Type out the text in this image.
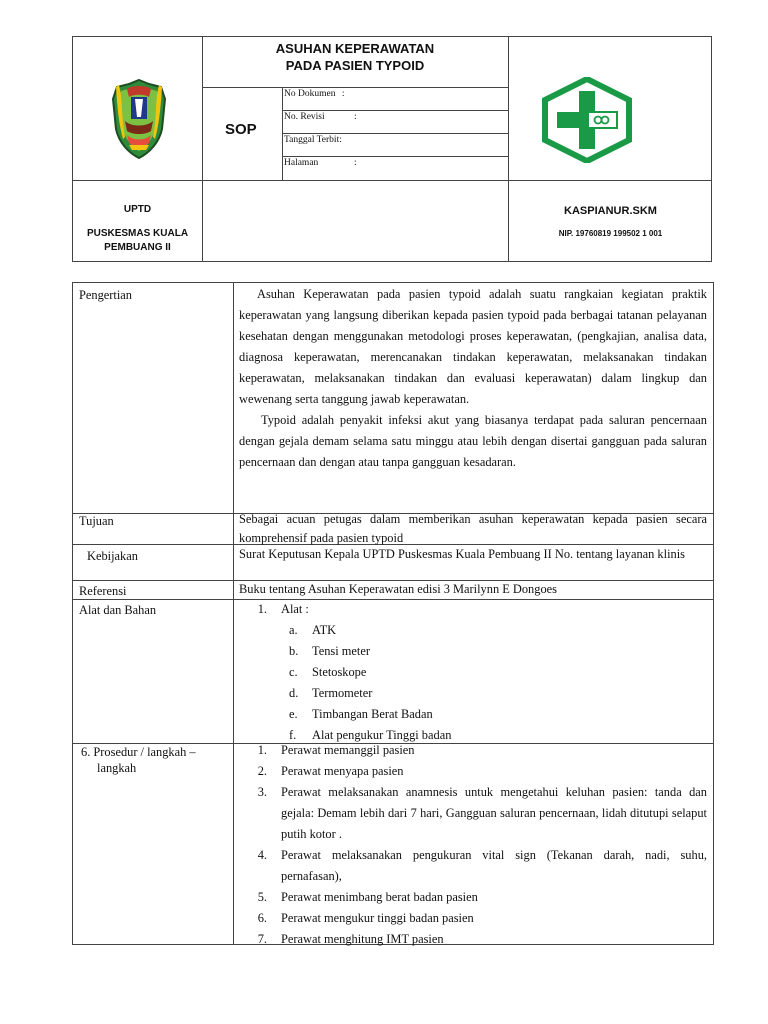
ASUHAN KEPERAWATAN
PADA PASIEN TYPOID
SOP
No Dokumen :
No. Revisi	:
Tanggal Terbit:
Halaman	:
UPTD
PUSKESMAS KUALA
PEMBUANG II
KASPIANUR.SKM
NIP. 19760819 199502 1 001
Pengertian	Asuhan Keperawatan pada pasien typoid adalah suatu rangkaian kegiatan praktik keperawatan yang langsung diberikan kepada pasien typoid pada berbagai tatanan pelayanan kesehatan dengan menggunakan metodologi proses keperawatan, (pengkajian, analisa data, diagnosa keperawatan, merencanakan tindakan keperawatan, melaksanakan tindakan keperawatan, melaksanakan tindakan dan evaluasi keperawatan) dalam lingkup dan wewenang serta tanggung jawab keperawatan.

Typoid adalah penyakit infeksi akut yang biasanya terdapat pada saluran pencernaan dengan gejala demam selama satu minggu atau lebih dengan disertai gangguan pada saluran pencernaan dan dengan atau tanpa gangguan kesadaran.

Tujuan	Sebagai acuan petugas dalam memberikan asuhan keperawatan kepada pasien secara komprehensif pada pasien typoid
Kebijakan	Surat Keputusan Kepala UPTD Puskesmas Kuala Pembuang II No. tentang layanan klinis
Referensi	Buku tentang Asuhan Keperawatan edisi 3 Marilynn E Dongoes
Alat dan Bahan	1. Alat :
a. ATK
b. Tensi meter
c. Stetoskope
d. Termometer
e. Timbangan Berat Badan
f. Alat pengukur Tinggi badan
6. Prosedur / langkah –
langkah
1. Perawat memanggil pasien
2. Perawat menyapa pasien
3. Perawat melaksanakan anamnesis untuk mengetahui keluhan pasien: tanda dan gejala: Demam lebih dari 7 hari, Gangguan saluran pencernaan, lidah ditutupi selaput putih kotor .
4. Perawat melaksanakan pengukuran vital sign (Tekanan darah, nadi, suhu, pernafasan),
5. Perawat menimbang berat badan pasien
6. Perawat mengukur tinggi badan pasien
7. Perawat menghitung IMT pasien
